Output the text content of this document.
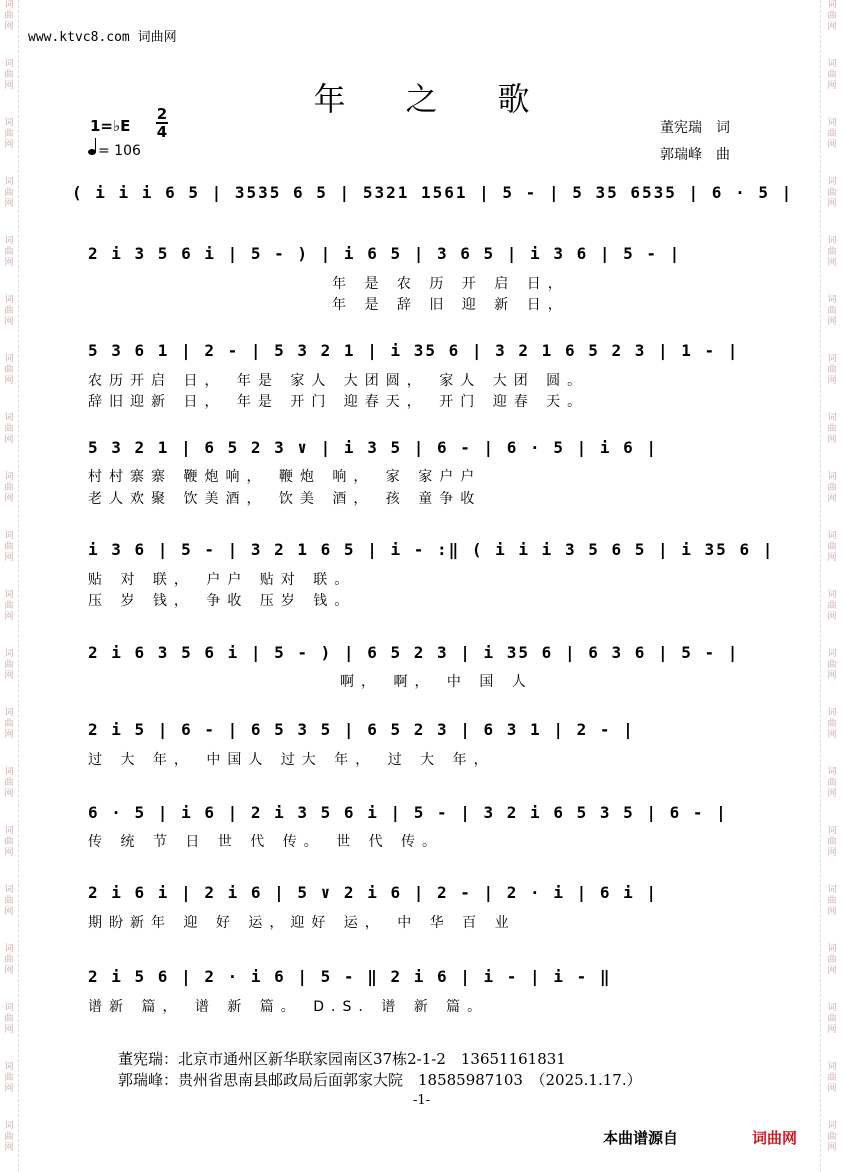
词曲网
词曲网
词曲网
词曲网
词曲网
词曲网
词曲网
词曲网
词曲网
词曲网
词曲网
词曲网
词曲网
词曲网
词曲网
词曲网
词曲网
词曲网
词曲网
词曲网
词曲网
词曲网
词曲网
词曲网
词曲网
词曲网
词曲网
词曲网
词曲网
词曲网
词曲网
词曲网
词曲网
词曲网
词曲网
词曲网
词曲网
词曲网
词曲网
词曲网
www.ktvc8.com 词曲网
年之歌
1=♭E
2
4
= 106
董宪瑞　词
郭瑞峰　曲
( i i i 6 5 | 3535 6 5 | 5321 1561 | 5 - | 5 35 6535 | 6 · 5 |
2 i 3 5 6 i | 5 - ) | i 6 5 | 3 6 5 | i 3 6 | 5 - |
年 是 农 历 开 启 日，
年 是 辞 旧 迎 新 日，
5 3 6 1 | 2 - | 5 3 2 1 | i 35 6 | 3 2 1 6 5 2 3 | 1 - |
农历开启 日， 年是 家人 大团圆， 家人 大团 圆。
辞旧迎新 日， 年是 开门 迎春天， 开门 迎春 天。
5 3 2 1 | 6 5 2 3 ∨ | i 3 5 | 6 - | 6 · 5 | i 6 |
村村寨寨 鞭炮响， 鞭炮 响， 家 家户户
老人欢聚 饮美酒， 饮美 酒， 孩 童争收
i 3 6 | 5 - | 3 2 1 6 5 | i - :‖ ( i i i 3 5 6 5 | i 35 6 |
贴 对 联， 户户 贴对 联。
压 岁 钱， 争收 压岁 钱。
2 i 6 3 5 6 i | 5 - ) | 6 5 2 3 | i 35 6 | 6 3 6 | 5 - |
啊， 啊， 中 国 人
2 i 5 | 6 - | 6 5 3 5 | 6 5 2 3 | 6 3 1 | 2 - |
过 大 年， 中国人 过大 年， 过 大 年，
6 · 5 | i 6 | 2 i 3 5 6 i | 5 - | 3 2 i 6 5 3 5 | 6 - |
传 统 节 日 世 代 传。 世 代 传。
2 i 6 i | 2 i 6 | 5 ∨ 2 i 6 | 2 - | 2 · i | 6 i |
期盼新年 迎 好 运，迎好 运， 中 华 百 业
2 i 5 6 | 2 · i 6 | 5 - ‖ 2 i 6 | i - | i - ‖
谱新 篇， 谱 新 篇。 D.S. 谱 新 篇。
董宪瑞：北京市通州区新华联家园南区37栋2-1-2　13651161831
郭瑞峰：贵州省思南县邮政局后面郭家大院　18585987103　（2025.1.17.）
-1-
本曲谱源自	词曲网
